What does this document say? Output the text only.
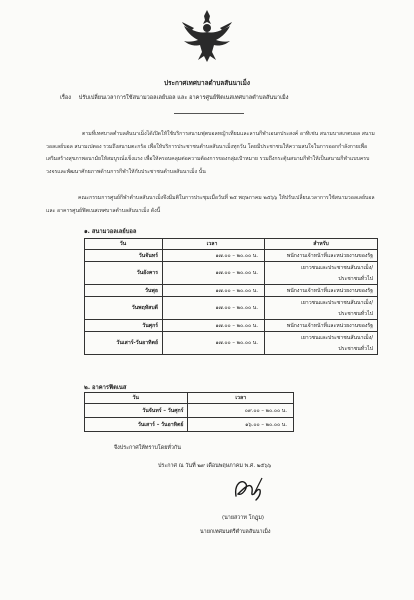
ประกาศเทศบาลตำบลสันนาเม็ง
เรื่อง ปรับเปลี่ยนเวลาการใช้สนามวอลเลย์บอล และ อาคารศูนย์ฟิตเนสเทศบาลตำบลสันนาเม็ง
ตามที่เทศบาลตำบลสันนาเม็งได้เปิดให้ใช้บริการสนามฟุตบอลหญ้าเทียมและลานกีฬาเอนกประสงค์ อาทิเช่น สนามบาสเกตบอล สนามวอลเลย์บอล สนามเปตอง รวมถึงสนามตะกร้อ เพื่อให้บริการประชาชนตำบลสันนาเม็งทุกวัน โดยมีประชาชนให้ความสนใจในการออกกำลังกายเพื่อเสริมสร้างสุขภาพอนามัยให้สมบูรณ์แข็งแรง เพื่อให้ครอบคลุมต่อความต้องการของกลุ่มเป้าหมาย รวมถึงกระตุ้นสนามกีฬาให้เป็นสนามกีฬาแบบครบวงจรและพัฒนาศักยภาพด้านการกีฬาให้กับประชาชนตำบลสันนาเม็ง นั้น
คณะกรรมการศูนย์กีฬาตำบลสันนาเม็งจึงมีมติในการประชุมเมื่อวันที่ ๒๕ พฤษภาคม ๒๕๖๖ ให้ปรับเปลี่ยนเวลาการใช้สนามวอลเลย์บอล และ อาคารศูนย์ฟิตเนสเทศบาลตำบลสันนาเม็ง ดังนี้
๑. สนามวอลเลย์บอล
วัน	เวลา	สำหรับ
วันจันทร์	๑๗.๐๐ – ๒๐.๐๐ น.	พนักงานเจ้าหน้าที่และหน่วยงานของรัฐ
วันอังคาร	๑๗.๐๐ – ๒๐.๐๐ น.	เยาวชนและประชาชนสันนาเม็ง/
		ประชาชนทั่วไป
วันพุธ	๑๗.๐๐ – ๒๐.๐๐ น.	พนักงานเจ้าหน้าที่และหน่วยงานของรัฐ
วันพฤหัสบดี	๑๗.๐๐ – ๒๐.๐๐ น.	เยาวชนและประชาชนสันนาเม็ง/
		ประชาชนทั่วไป
วันศุกร์	๑๗.๐๐ – ๒๐.๐๐ น.	พนักงานเจ้าหน้าที่และหน่วยงานของรัฐ
วันเสาร์-วันอาทิตย์	๑๗.๐๐ – ๒๐.๐๐ น.	เยาวชนและประชาชนสันนาเม็ง/
		ประชาชนทั่วไป
๒. อาคารฟิตเนส
วัน	เวลา
วันจันทร์ – วันศุกร์	๐๙.๐๐ – ๒๐.๐๐ น.
วันเสาร์ – วันอาทิตย์	๑๖.๐๐ – ๒๐.๐๐ น.
จึงประกาศให้ทราบโดยทั่วกัน
ประกาศ ณ วันที่ ๒๙ เดือนพฤษภาคม พ.ศ. ๒๕๖๖
(นายสวาท โกฎุม)
นายกเทศมนตรีตำบลสันนาเม็ง
